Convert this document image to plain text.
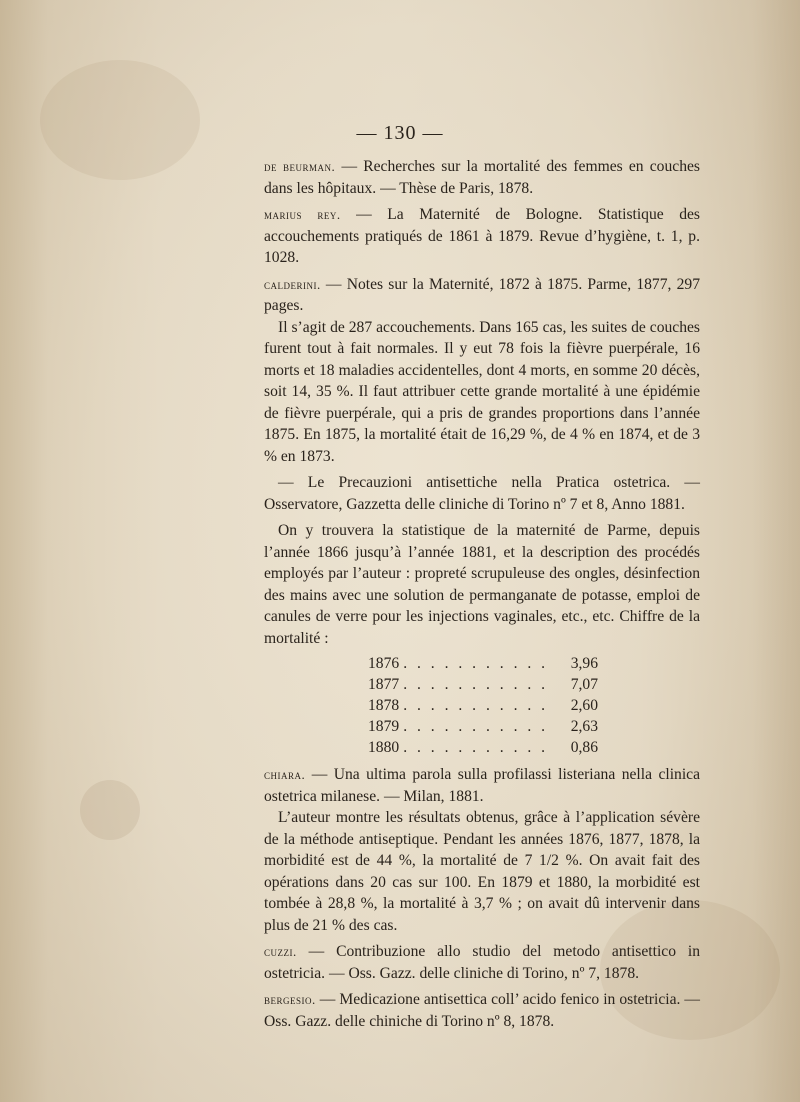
— 130 —

de beurman. — Recherches sur la mortalité des femmes en couches dans les hôpitaux. — Thèse de Paris, 1878.

marius rey. — La Maternité de Bologne. Statistique des accouchements pratiqués de 1861 à 1879. Revue d’hygiène, t. 1, p. 1028.

calderini. — Notes sur la Maternité, 1872 à 1875. Parme, 1877, 297 pages.

Il s’agit de 287 accouchements. Dans 165 cas, les suites de couches furent tout à fait normales. Il y eut 78 fois la fièvre puerpérale, 16 morts et 18 maladies accidentelles, dont 4 morts, en somme 20 décès, soit 14, 35 %. Il faut attribuer cette grande mortalité à une épidémie de fièvre puerpérale, qui a pris de grandes proportions dans l’année 1875. En 1875, la mortalité était de 16,29 %, de 4 % en 1874, et de 3 % en 1873.

— Le Precauzioni antisettiche nella Pratica ostetrica. — Osservatore, Gazzetta delle cliniche di Torino nº 7 et 8, Anno 1881.

On y trouvera la statistique de la maternité de Parme, depuis l’année 1866 jusqu’à l’année 1881, et la description des procédés employés par l’auteur : propreté scrupuleuse des ongles, désinfection des mains avec une solution de permanganate de potasse, emploi de canules de verre pour les injections vaginales, etc., etc. Chiffre de la mortalité :

1876 . . . . . . . . . . .	3,96
1877 . . . . . . . . . . .	7,07
1878 . . . . . . . . . . .	2,60
1879 . . . . . . . . . . .	2,63
1880 . . . . . . . . . . .	0,86

chiara. — Una ultima parola sulla profilassi listeriana nella clinica ostetrica milanese. — Milan, 1881.

L’auteur montre les résultats obtenus, grâce à l’application sévère de la méthode antiseptique. Pendant les années 1876, 1877, 1878, la morbidité est de 44 %, la mortalité de 7 1/2 %. On avait fait des opérations dans 20 cas sur 100. En 1879 et 1880, la morbidité est tombée à 28,8 %, la mortalité à 3,7 % ; on avait dû intervenir dans plus de 21 % des cas.

cuzzi. — Contribuzione allo studio del metodo antisettico in ostetricia. — Oss. Gazz. delle cliniche di Torino, nº 7, 1878.

bergesio. — Medicazione antisettica coll’ acido fenico in ostetricia. — Oss. Gazz. delle chiniche di Torino nº 8, 1878.
